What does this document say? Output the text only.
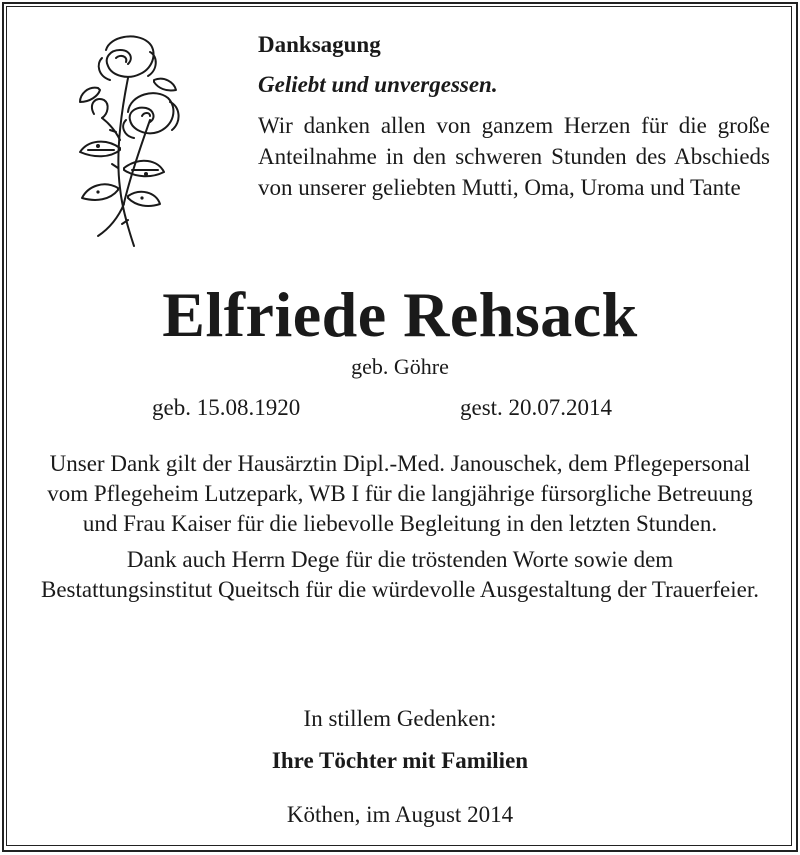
Danksagung

Geliebt und unvergessen.

Wir danken allen von ganzem Herzen für die große Anteilnahme in den schweren Stunden des Abschieds von unserer geliebten Mutti, Oma, Uroma und Tante

Elfriede Rehsack
geb. Göhre
geb. 15.08.1920	gest. 20.07.2014

Unser Dank gilt der Hausärztin Dipl.-Med. Janouschek, dem Pflegepersonal vom Pflegeheim Lutzepark, WB I für die langjährige fürsorgliche Betreuung und Frau Kaiser für die liebevolle Begleitung in den letzten Stunden.

Dank auch Herrn Dege für die tröstenden Worte sowie dem Bestattungsinstitut Queitsch für die würdevolle Ausgestaltung der Trauerfeier.

In stillem Gedenken:
Ihre Töchter mit Familien
Köthen, im August 2014
